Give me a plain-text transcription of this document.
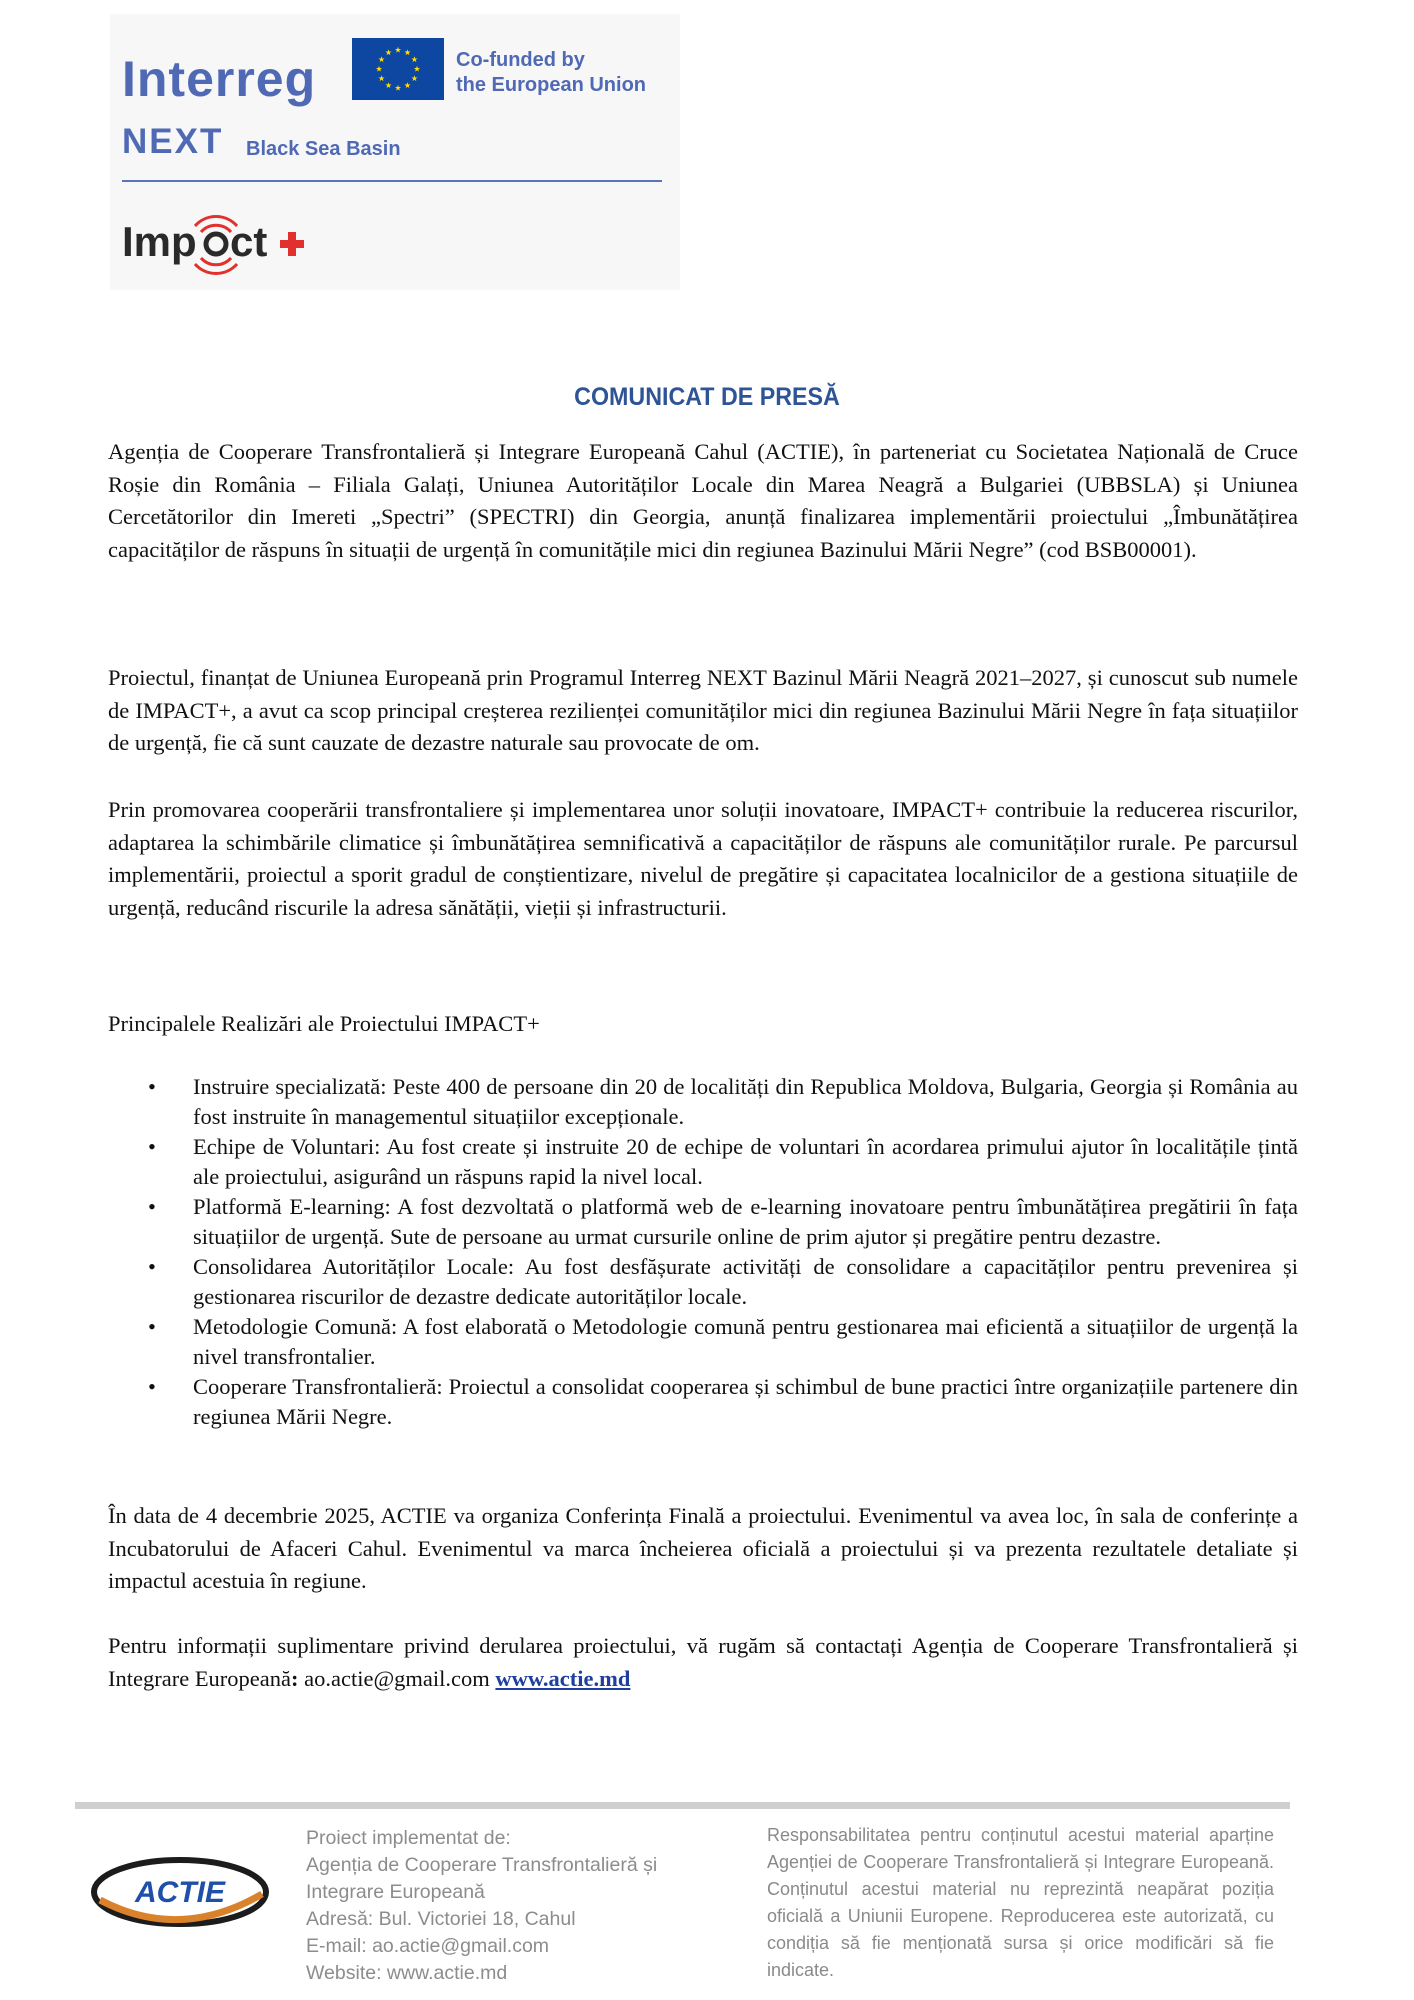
Interreg	Co-funded by
the European Union
NEXT Black Sea Basin
Imp ct
COMUNICAT DE PRESĂ
Agenția de Cooperare Transfrontalieră și Integrare Europeană Cahul (ACTIE), în parteneriat cu Societatea Națională de Cruce Roșie din România – Filiala Galați, Uniunea Autorităților Locale din Marea Neagră a Bulgariei (UBBSLA) și Uniunea Cercetătorilor din Imereti „Spectri” (SPECTRI) din Georgia, anunță finalizarea implementării proiectului „Îmbunătățirea capacităților de răspuns în situații de urgență în comunitățile mici din regiunea Bazinului Mării Negre” (cod BSB00001).
Proiectul, finanțat de Uniunea Europeană prin Programul Interreg NEXT Bazinul Mării Neagră 2021–2027, și cunoscut sub numele de IMPACT+, a avut ca scop principal creșterea rezilienței comunităților mici din regiunea Bazinului Mării Negre în fața situațiilor de urgență, fie că sunt cauzate de dezastre naturale sau provocate de om.
Prin promovarea cooperării transfrontaliere și implementarea unor soluții inovatoare, IMPACT+ contribuie la reducerea riscurilor, adaptarea la schimbările climatice și îmbunătățirea semnificativă a capacităților de răspuns ale comunităților rurale. Pe parcursul implementării, proiectul a sporit gradul de conștientizare, nivelul de pregătire și capacitatea localnicilor de a gestiona situațiile de urgență, reducând riscurile la adresa sănătății, vieții și infrastructurii.
Principalele Realizări ale Proiectului IMPACT+
• Instruire specializată: Peste 400 de persoane din 20 de localități din Republica Moldova, Bulgaria, Georgia și România au fost instruite în managementul situațiilor excepționale.
• Echipe de Voluntari: Au fost create și instruite 20 de echipe de voluntari în acordarea primului ajutor în localitățile țintă ale proiectului, asigurând un răspuns rapid la nivel local.
• Platformă E-learning: A fost dezvoltată o platformă web de e-learning inovatoare pentru îmbunătățirea pregătirii în fața situațiilor de urgență. Sute de persoane au urmat cursurile online de prim ajutor și pregătire pentru dezastre.
• Consolidarea Autorităților Locale: Au fost desfășurate activități de consolidare a capacităților pentru prevenirea și gestionarea riscurilor de dezastre dedicate autorităților locale.
• Metodologie Comună: A fost elaborată o Metodologie comună pentru gestionarea mai eficientă a situațiilor de urgență la nivel transfrontalier.
• Cooperare Transfrontalieră: Proiectul a consolidat cooperarea și schimbul de bune practici între organizațiile partenere din regiunea Mării Negre.
În data de 4 decembrie 2025, ACTIE va organiza Conferința Finală a proiectului. Evenimentul va avea loc, în sala de conferințe a Incubatorului de Afaceri Cahul. Evenimentul va marca încheierea oficială a proiectului și va prezenta rezultatele detaliate și impactul acestuia în regiune.
Pentru informații suplimentare privind derularea proiectului, vă rugăm să contactați Agenția de Cooperare Transfrontalieră și Integrare Europeană: ao.actie@gmail.com www.actie.md
ACTIE
Proiect implementat de:
Agenția de Cooperare Transfrontalieră și
Integrare Europeană
Adresă: Bul. Victoriei 18, Cahul
E-mail: ao.actie@gmail.com
Website: www.actie.md
Responsabilitatea pentru conținutul acestui material aparține Agenției de Cooperare Transfrontalieră și Integrare Europeană. Conținutul acestui material nu reprezintă neapărat poziția oficială a Uniunii Europene. Reproducerea este autorizată, cu condiția să fie menționată sursa și orice modificări să fie indicate.
